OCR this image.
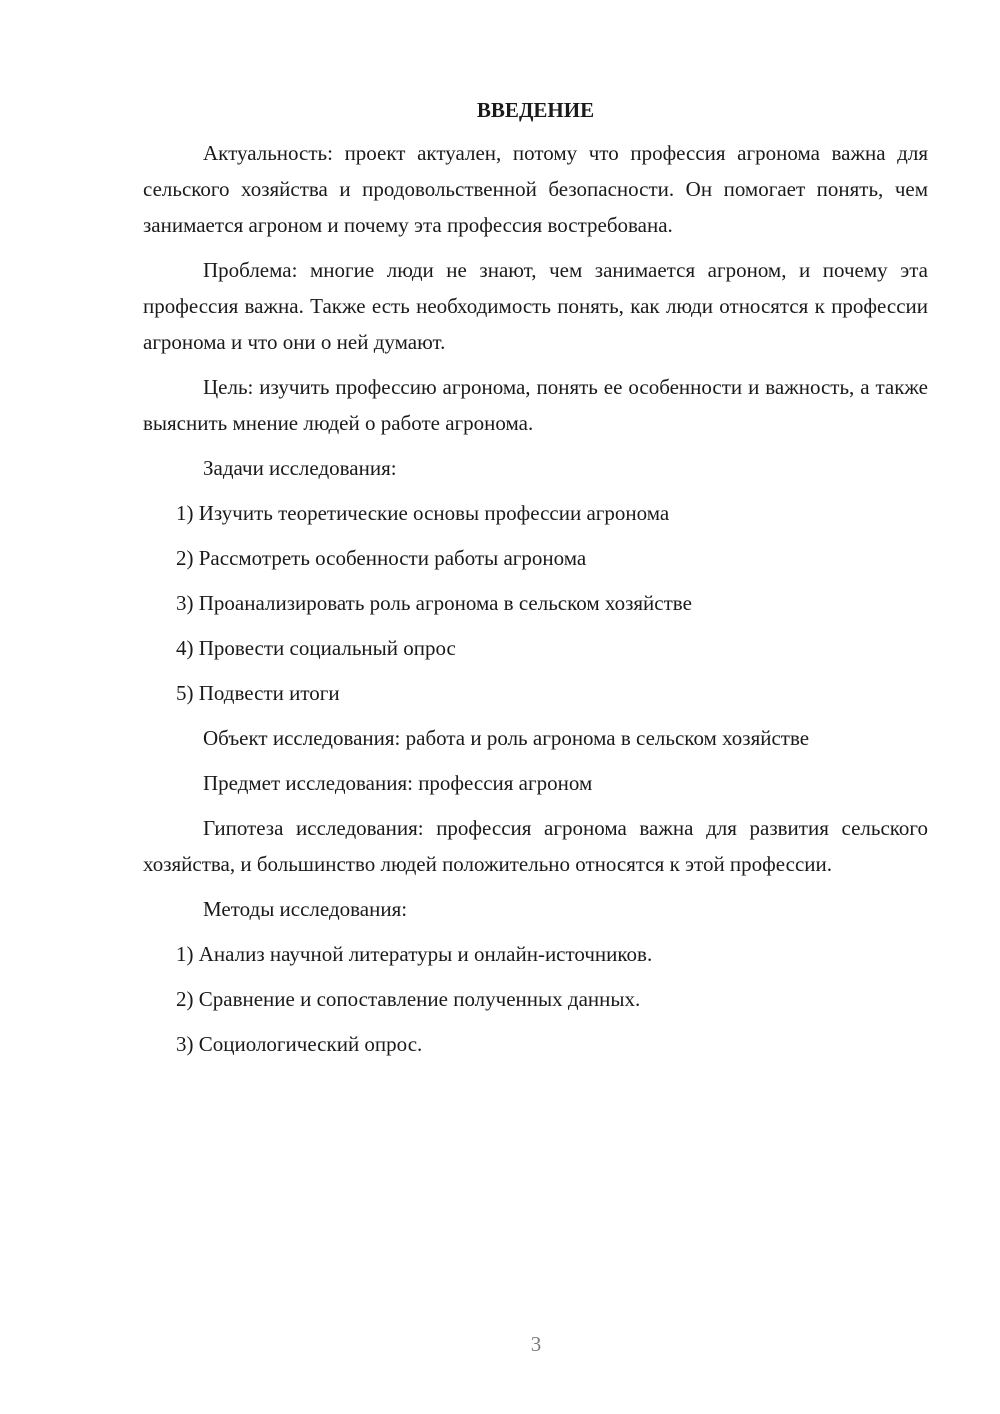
ВВЕДЕНИЕ

Актуальность: проект актуален, потому что профессия агронома важна для сельского хозяйства и продовольственной безопасности. Он помогает понять, чем занимается агроном и почему эта профессия востребована.

Проблема: многие люди не знают, чем занимается агроном, и почему эта профессия важна. Также есть необходимость понять, как люди относятся к профессии агронома и что они о ней думают.

Цель: изучить профессию агронома, понять ее особенности и важность, а также выяснить мнение людей о работе агронома.

Задачи исследования:

1) Изучить теоретические основы профессии агронома
2) Рассмотреть особенности работы агронома
3) Проанализировать роль агронома в сельском хозяйстве
4) Провести социальный опрос
5) Подвести итоги

Объект исследования: работа и роль агронома в сельском хозяйстве

Предмет исследования: профессия агроном

Гипотеза исследования: профессия агронома важна для развития сельского хозяйства, и большинство людей положительно относятся к этой профессии.

Методы исследования:

1) Анализ научной литературы и онлайн-источников.
2) Сравнение и сопоставление полученных данных.
3) Социологический опрос.
3
